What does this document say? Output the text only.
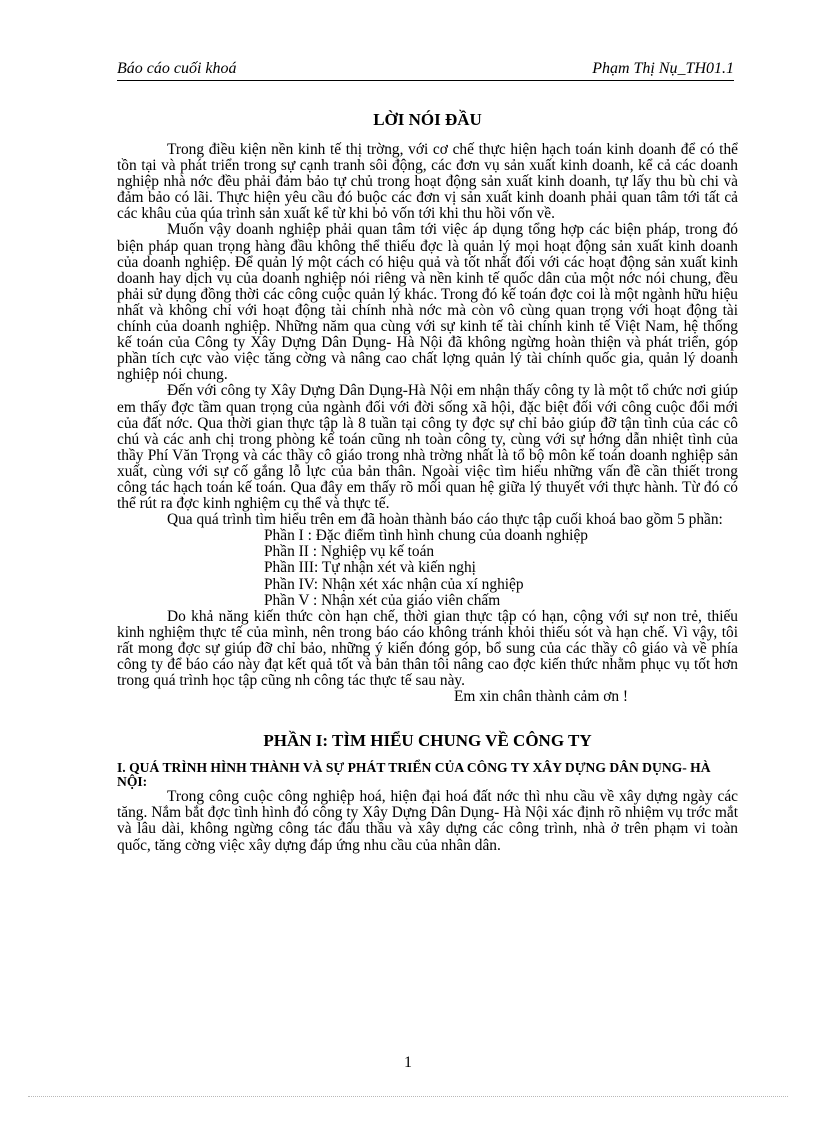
Báo cáo cuối khoá	Phạm Thị Nụ_TH01.1
LỜI NÓI ĐẦU

Trong điều kiện nền kinh tế thị trờng, với cơ chế thực hiện hạch toán kinh doanh để có thể tồn tại và phát triển trong sự cạnh tranh sôi động, các đơn vụ sản xuất kinh doanh, kể cả các doanh nghiệp nhà nớc đều phải đảm bảo tự chủ trong hoạt động sản xuất kinh doanh, tự lấy thu bù chi và đảm bảo có lãi. Thực hiện yêu cầu đó buộc các đơn vị sản xuất kinh doanh phải quan tâm tới tất cả các khâu của qúa trình sản xuất kể từ khi bỏ vốn tới khi thu hồi vốn về.

Muốn vậy doanh nghiệp phải quan tâm tới việc áp dụng tổng hợp các biện pháp, trong đó biện pháp quan trọng hàng đầu không thể thiếu đợc là quản lý mọi hoạt động sản xuất kinh doanh của doanh nghiệp. Để quản lý một cách có hiệu quả và tốt nhất đối với các hoạt động sản xuất kinh doanh hay dịch vụ của doanh nghiệp nói riêng và nền kinh tế quốc dân của một nớc nói chung, đều phải sử dụng đồng thời các công cuộc quản lý khác. Trong đó kế toán đợc coi là một ngành hữu hiệu nhất và không chỉ với hoạt động tài chính nhà nớc mà còn vô cùng quan trọng với hoạt động tài chính của doanh nghiệp. Những năm qua cùng với sự kinh tế tài chính kinh tế Việt Nam, hệ thống kế toán của Công ty Xây Dựng Dân Dụng- Hà Nội đã không ngừng hoàn thiện và phát triển, góp phần tích cực vào việc tăng cờng và nâng cao chất lợng quản lý tài chính quốc gia, quản lý doanh nghiệp nói chung.

Đến với công ty Xây Dựng Dân Dụng-Hà Nội em nhận thấy công ty là một tổ chức nơi giúp em thấy đợc tầm quan trọng của ngành đối với đời sống xã hội, đặc biệt đối với công cuộc đổi mới của đất nớc. Qua thời gian thực tập là 8 tuần tại công ty đợc sự chỉ bảo giúp đỡ tận tình của các cô chú và các anh chị trong phòng kế toán cũng nh toàn công ty, cùng với sự hớng dẫn nhiệt tình của thầy Phí Văn Trọng và các thầy cô giáo trong nhà trờng nhất là tổ bộ môn kế toán doanh nghiệp sản xuất, cùng với sự cố gắng lỗ lực của bản thân. Ngoài việc tìm hiểu những vấn đề cần thiết trong công tác hạch toán kế toán. Qua đây em thấy rõ mối quan hệ giữa lý thuyết với thực hành. Từ đó có thể rút ra đợc kinh nghiệm cụ thể và thực tế.

Qua quá trình tìm hiểu trên em đã hoàn thành báo cáo thực tập cuối khoá bao gồm 5 phần:

Phần I : Đặc điểm tình hình chung của doanh nghiệp
Phần II : Nghiệp vụ kế toán
Phần III: Tự nhận xét và kiến nghị
Phần IV: Nhận xét xác nhận của xí nghiệp
Phần V : Nhận xét của giáo viên chấm

Do khả năng kiến thức còn hạn chế, thời gian thực tập có hạn, cộng với sự non trẻ, thiếu kinh nghiệm thực tế của mình, nên trong báo cáo không tránh khỏi thiếu sót và hạn chế. Vì vậy, tôi rất mong đợc sự giúp đỡ chỉ bảo, những ý kiến đóng góp, bổ sung của các thầy cô giáo và về phía công ty để báo cáo này đạt kết quả tốt và bản thân tôi nâng cao đợc kiến thức nhằm phục vụ tốt hơn trong quá trình học tập cũng nh công tác thực tế sau này.

Em xin chân thành cảm ơn !

PHẦN I: TÌM HIỂU CHUNG VỀ CÔNG TY

I. QUÁ TRÌNH HÌNH THÀNH VÀ SỰ PHÁT TRIỂN CỦA CÔNG TY XÂY DỰNG DÂN DỤNG- HÀ NỘI:

Trong công cuộc công nghiệp hoá, hiện đại hoá đất nớc thì nhu cầu về xây dựng ngày các tăng. Nắm bắt đợc tình hình đó công ty Xây Dựng Dân Dụng- Hà Nội xác định rõ nhiệm vụ trớc mắt và lâu dài, không ngừng công tác đấu thầu và xây dựng các công trình, nhà ở trên phạm vi toàn quốc, tăng cờng việc xây dựng đáp ứng nhu cầu của nhân dân.

1
